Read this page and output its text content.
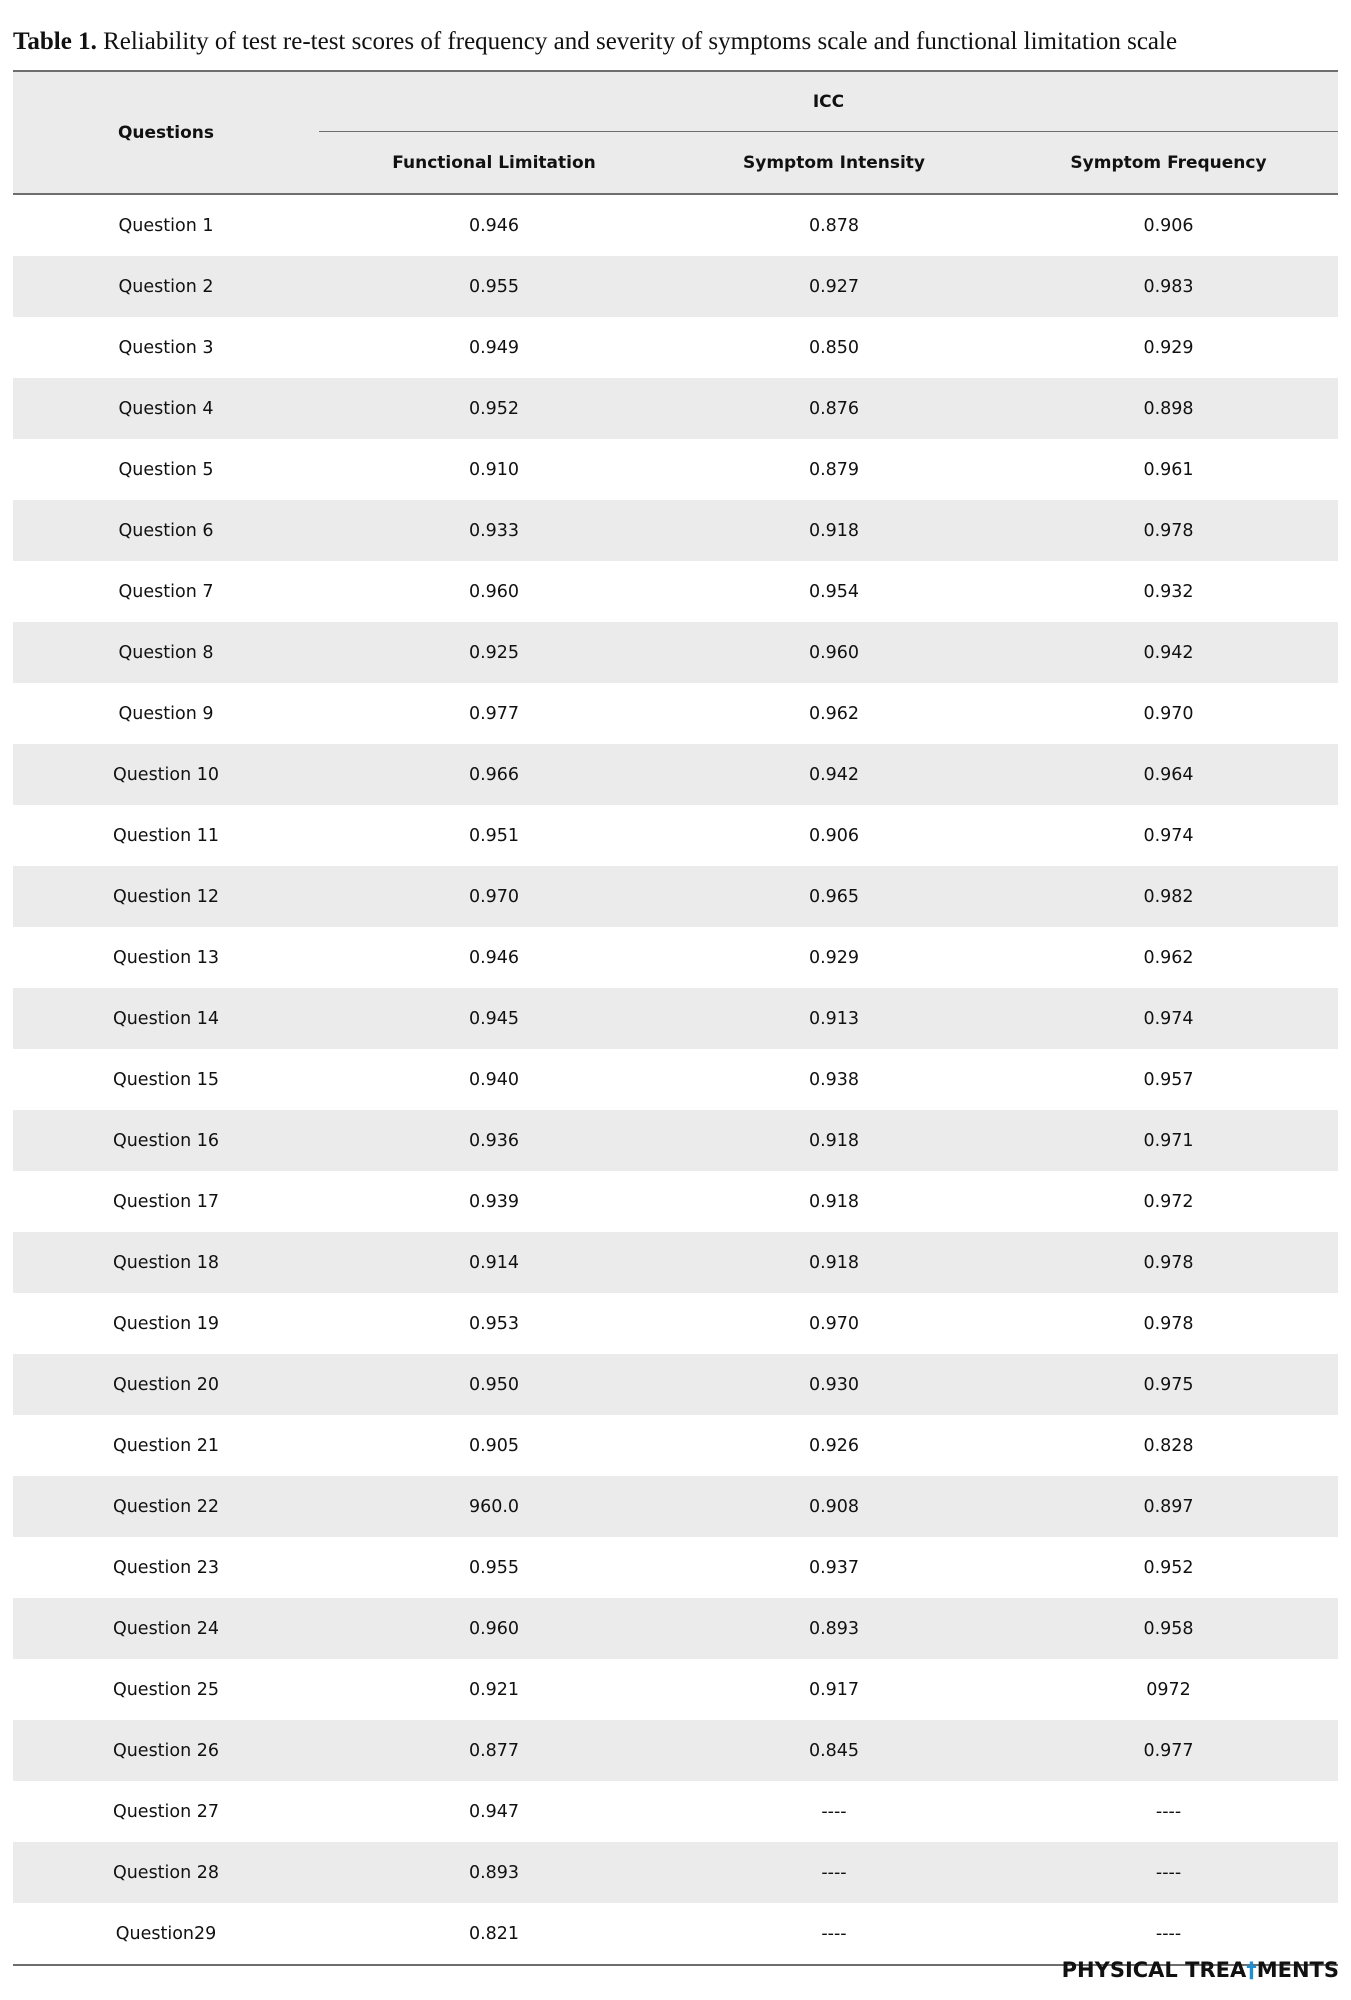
Table 1. Reliability of test re-test scores of frequency and severity of symptoms scale and functional limitation scale
Questions	ICC		
	Functional Limitation	Symptom Intensity	Symptom Frequency
Question 1	0.946	0.878	0.906
Question 2	0.955	0.927	0.983
Question 3	0.949	0.850	0.929
Question 4	0.952	0.876	0.898
Question 5	0.910	0.879	0.961
Question 6	0.933	0.918	0.978
Question 7	0.960	0.954	0.932
Question 8	0.925	0.960	0.942
Question 9	0.977	0.962	0.970
Question 10	0.966	0.942	0.964
Question 11	0.951	0.906	0.974
Question 12	0.970	0.965	0.982
Question 13	0.946	0.929	0.962
Question 14	0.945	0.913	0.974
Question 15	0.940	0.938	0.957
Question 16	0.936	0.918	0.971
Question 17	0.939	0.918	0.972
Question 18	0.914	0.918	0.978
Question 19	0.953	0.970	0.978
Question 20	0.950	0.930	0.975
Question 21	0.905	0.926	0.828
Question 22	960.0	0.908	0.897
Question 23	0.955	0.937	0.952
Question 24	0.960	0.893	0.958
Question 25	0.921	0.917	0972
Question 26	0.877	0.845	0.977
Question 27	0.947	----	----
Question 28	0.893	----	----
Question29	0.821	----	----
PHYSICAL TREA†MENTS
